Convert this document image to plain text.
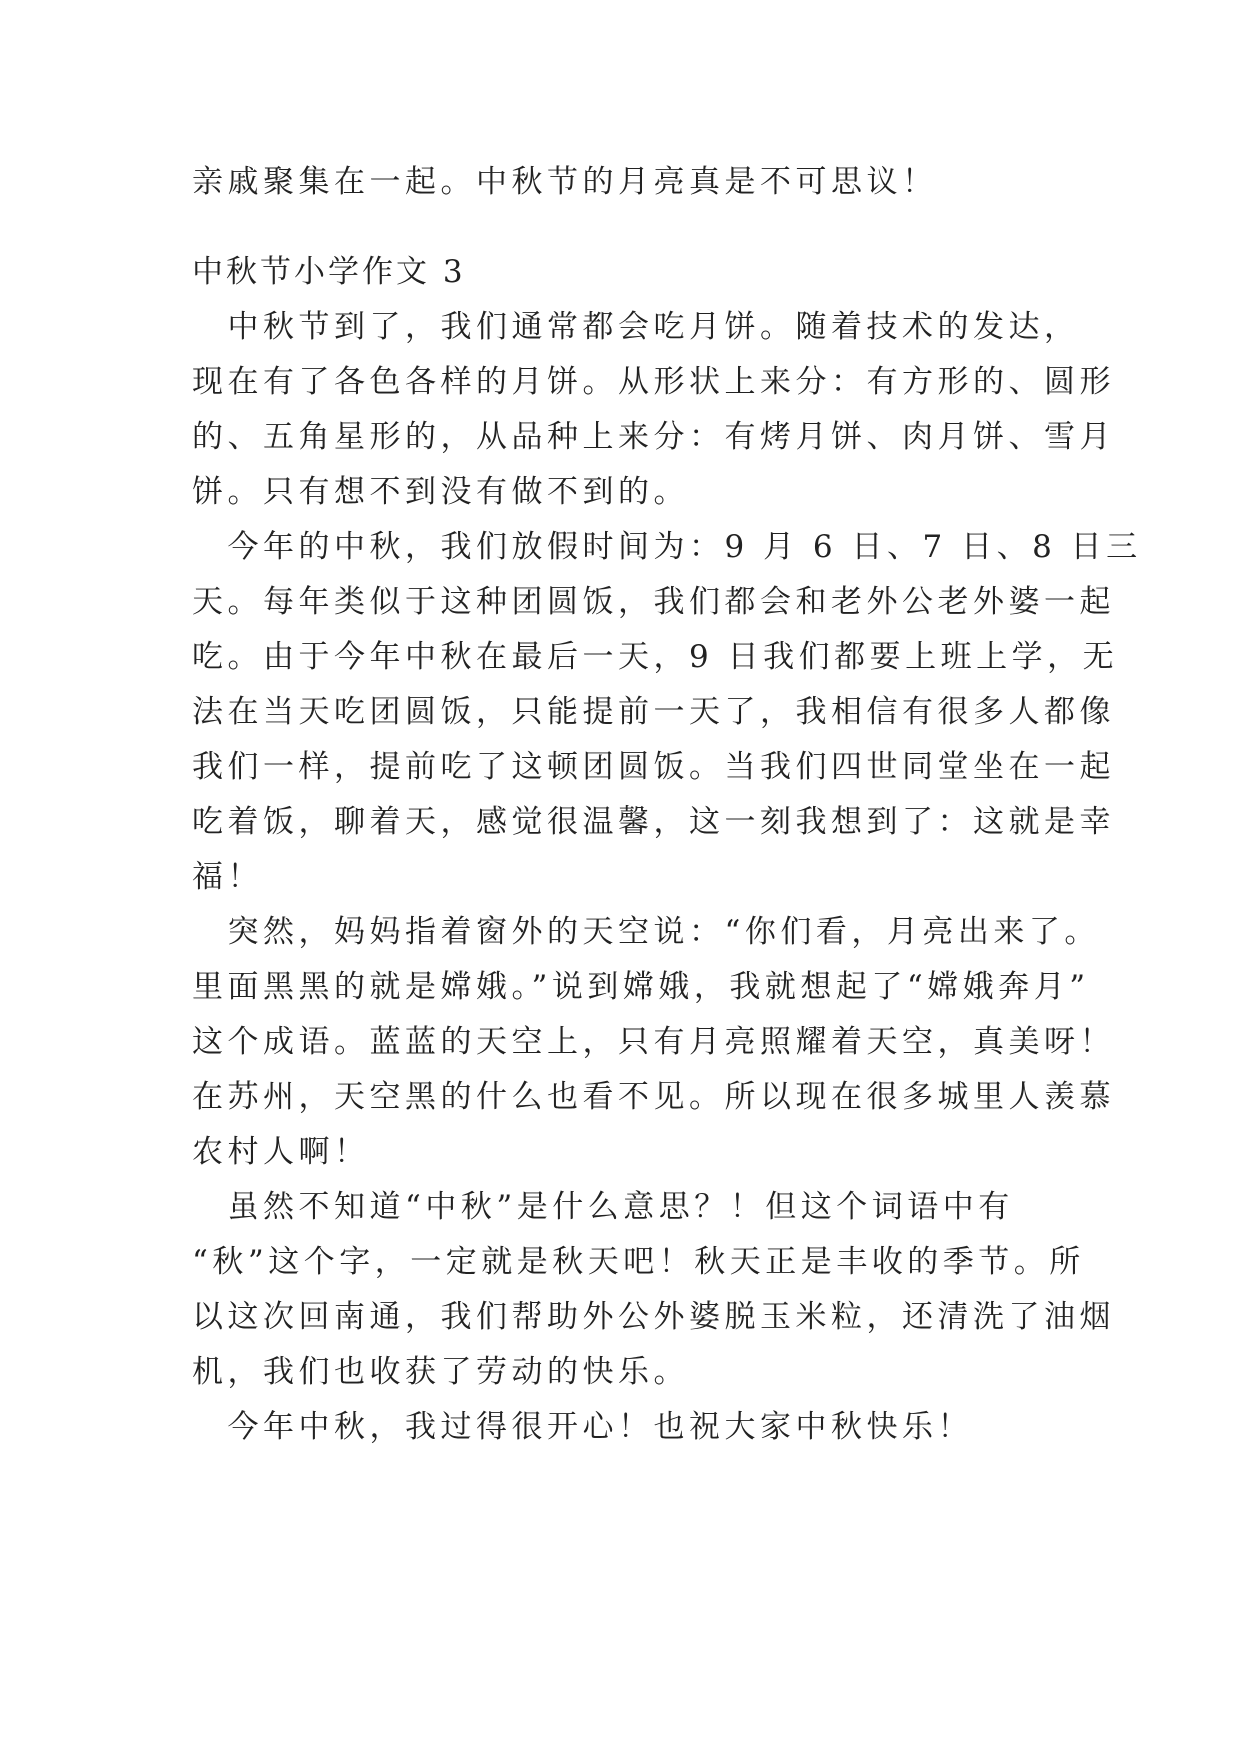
亲戚聚集在一起。中秋节的月亮真是不可思议！
中秋节小学作文 3
　中秋节到了，我们通常都会吃月饼。随着技术的发达，
现在有了各色各样的月饼。从形状上来分：有方形的、圆形
的、五角星形的，从品种上来分：有烤月饼、肉月饼、雪月
饼。只有想不到没有做不到的。
　今年的中秋，我们放假时间为：9 月 6 日、7 日、8 日三
天。每年类似于这种团圆饭，我们都会和老外公老外婆一起
吃。由于今年中秋在最后一天，9 日我们都要上班上学，无
法在当天吃团圆饭，只能提前一天了，我相信有很多人都像
我们一样，提前吃了这顿团圆饭。当我们四世同堂坐在一起
吃着饭，聊着天，感觉很温馨，这一刻我想到了：这就是幸
福！
　突然，妈妈指着窗外的天空说：“你们看，月亮出来了。
里面黑黑的就是嫦娥。”说到嫦娥，我就想起了“嫦娥奔月”
这个成语。蓝蓝的天空上，只有月亮照耀着天空，真美呀！
在苏州，天空黑的什么也看不见。所以现在很多城里人羡慕
农村人啊！
　虽然不知道“中秋”是什么意思？！但这个词语中有
“秋”这个字，一定就是秋天吧！秋天正是丰收的季节。所
以这次回南通，我们帮助外公外婆脱玉米粒，还清洗了油烟
机，我们也收获了劳动的快乐。
　今年中秋，我过得很开心！也祝大家中秋快乐！
